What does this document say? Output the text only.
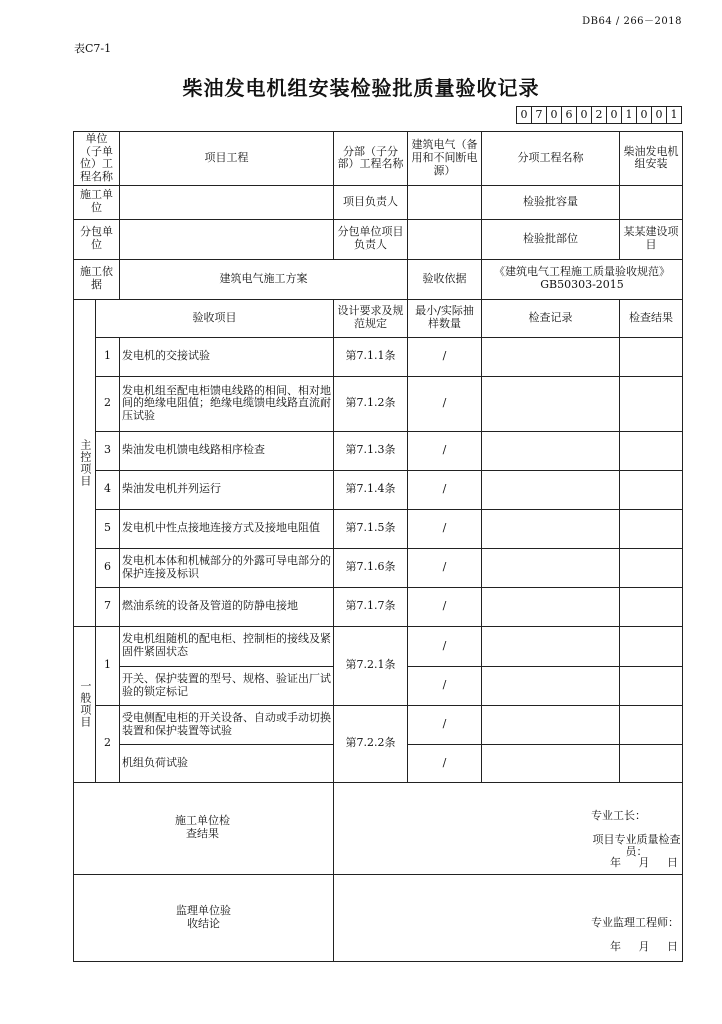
DB64 / 266－2018
表C7-1
柴油发电机组安装检验批质量验收记录
0 7 0 6 0 2 0 1 0 0 1
单位（子单位）工程名称		项目工程	分部（子分部）工程名称	建筑电气（备用和不间断电源）	分项工程名称	柴油发电机组安装
施工单位			项目负责人		检验批容量	
分包单位			分包单位项目负责人		检验批部位	某某建设项目
施工依据		建筑电气施工方案		验收依据	《建筑电气工程施工质量验收规范》
GB50303-2015	

主控项目	验收项目		设计要求及规范规定	最小/实际抽样数量	检查记录	检查结果
	1	发电机的交接试验	第7.1.1条	/		
	2	发电机组至配电柜馈电线路的相间、相对地间的绝缘电阻值；绝缘电缆馈电线路直流耐压试验	第7.1.2条	/		
	3	柴油发电机馈电线路相序检查	第7.1.3条	/		
	4	柴油发电机并列运行	第7.1.4条	/		
	5	发电机中性点接地连接方式及接地电阻值	第7.1.5条	/		
	6	发电机本体和机械部分的外露可导电部分的保护连接及标识	第7.1.6条	/		
	7	燃油系统的设备及管道的防静电接地	第7.1.7条	/		

一般项目	1	发电机组随机的配电柜、控制柜的接线及紧固件紧固状态	第7.2.1条	/		
		开关、保护装置的型号、规格、验证出厂试验的锁定标记		/		
	2	受电侧配电柜的开关设备、自动或手动切换装置和保护装置等试验	第7.2.2条	/		
		机组负荷试验		/		

施工单位检查结果			专业工长：
项目专业质量检查员：
年 月 日			

监理单位验收结论			专业监理工程师：
年 月 日			
